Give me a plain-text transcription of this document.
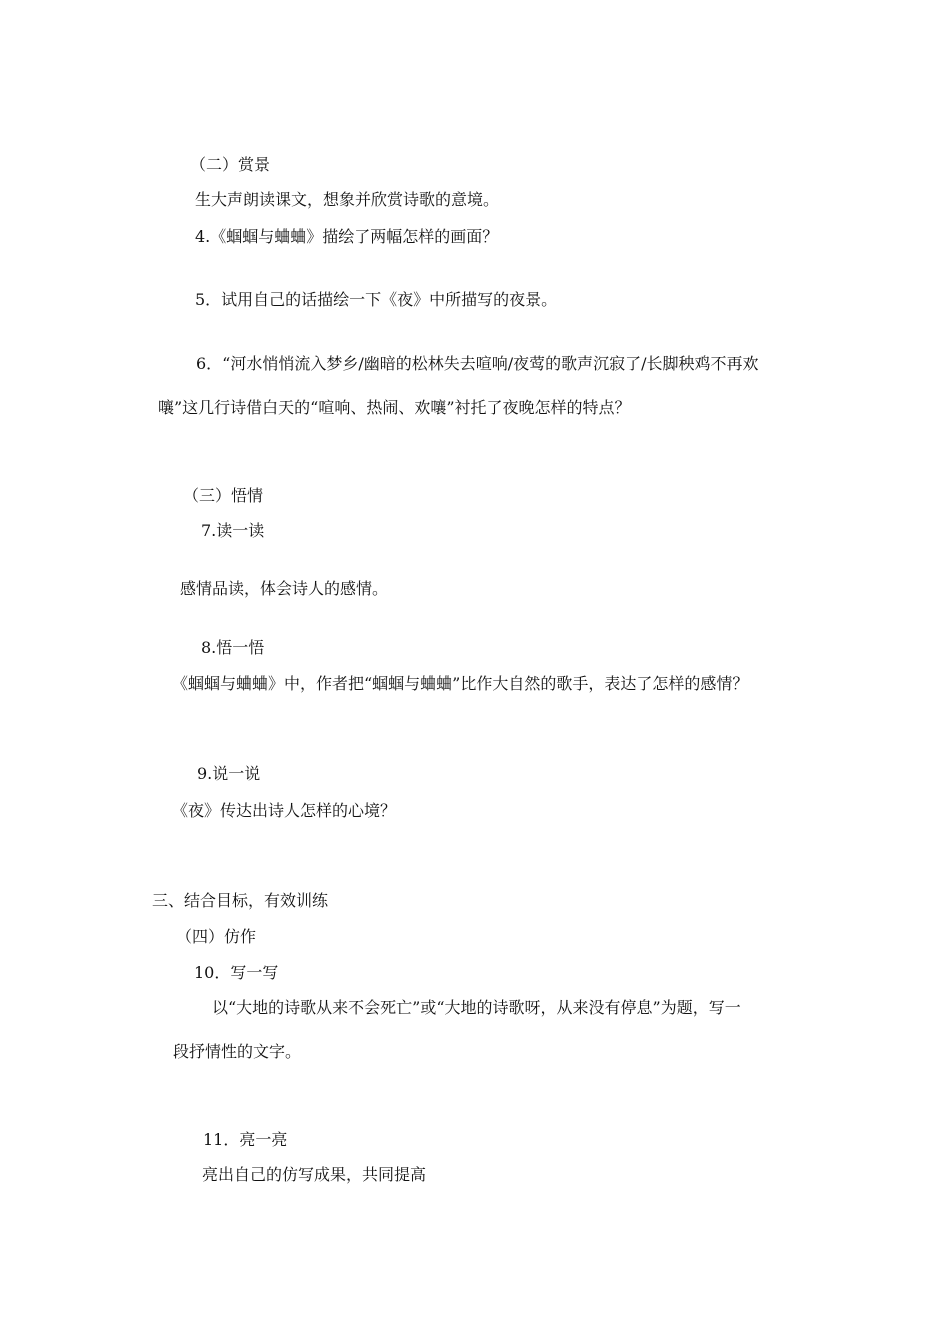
（二）赏景
生大声朗读课文，想象并欣赏诗歌的意境。
4.《蝈蝈与蛐蛐》描绘了两幅怎样的画面？
5．试用自己的话描绘一下《夜》中所描写的夜景。
6．“河水悄悄流入梦乡/幽暗的松林失去喧响/夜莺的歌声沉寂了/长脚秧鸡不再欢
嚷”这几行诗借白天的“喧响、热闹、欢嚷”衬托了夜晚怎样的特点？
（三）悟情
7.读一读
感情品读，体会诗人的感情。
8.悟一悟
《蝈蝈与蛐蛐》中，作者把“蝈蝈与蛐蛐”比作大自然的歌手，表达了怎样的感情？
9.说一说
《夜》传达出诗人怎样的心境？
三、结合目标，有效训练
（四）仿作
10．写一写
以“大地的诗歌从来不会死亡”或“大地的诗歌呀，从来没有停息”为题，写一
段抒情性的文字。
11．亮一亮
亮出自己的仿写成果，共同提高
